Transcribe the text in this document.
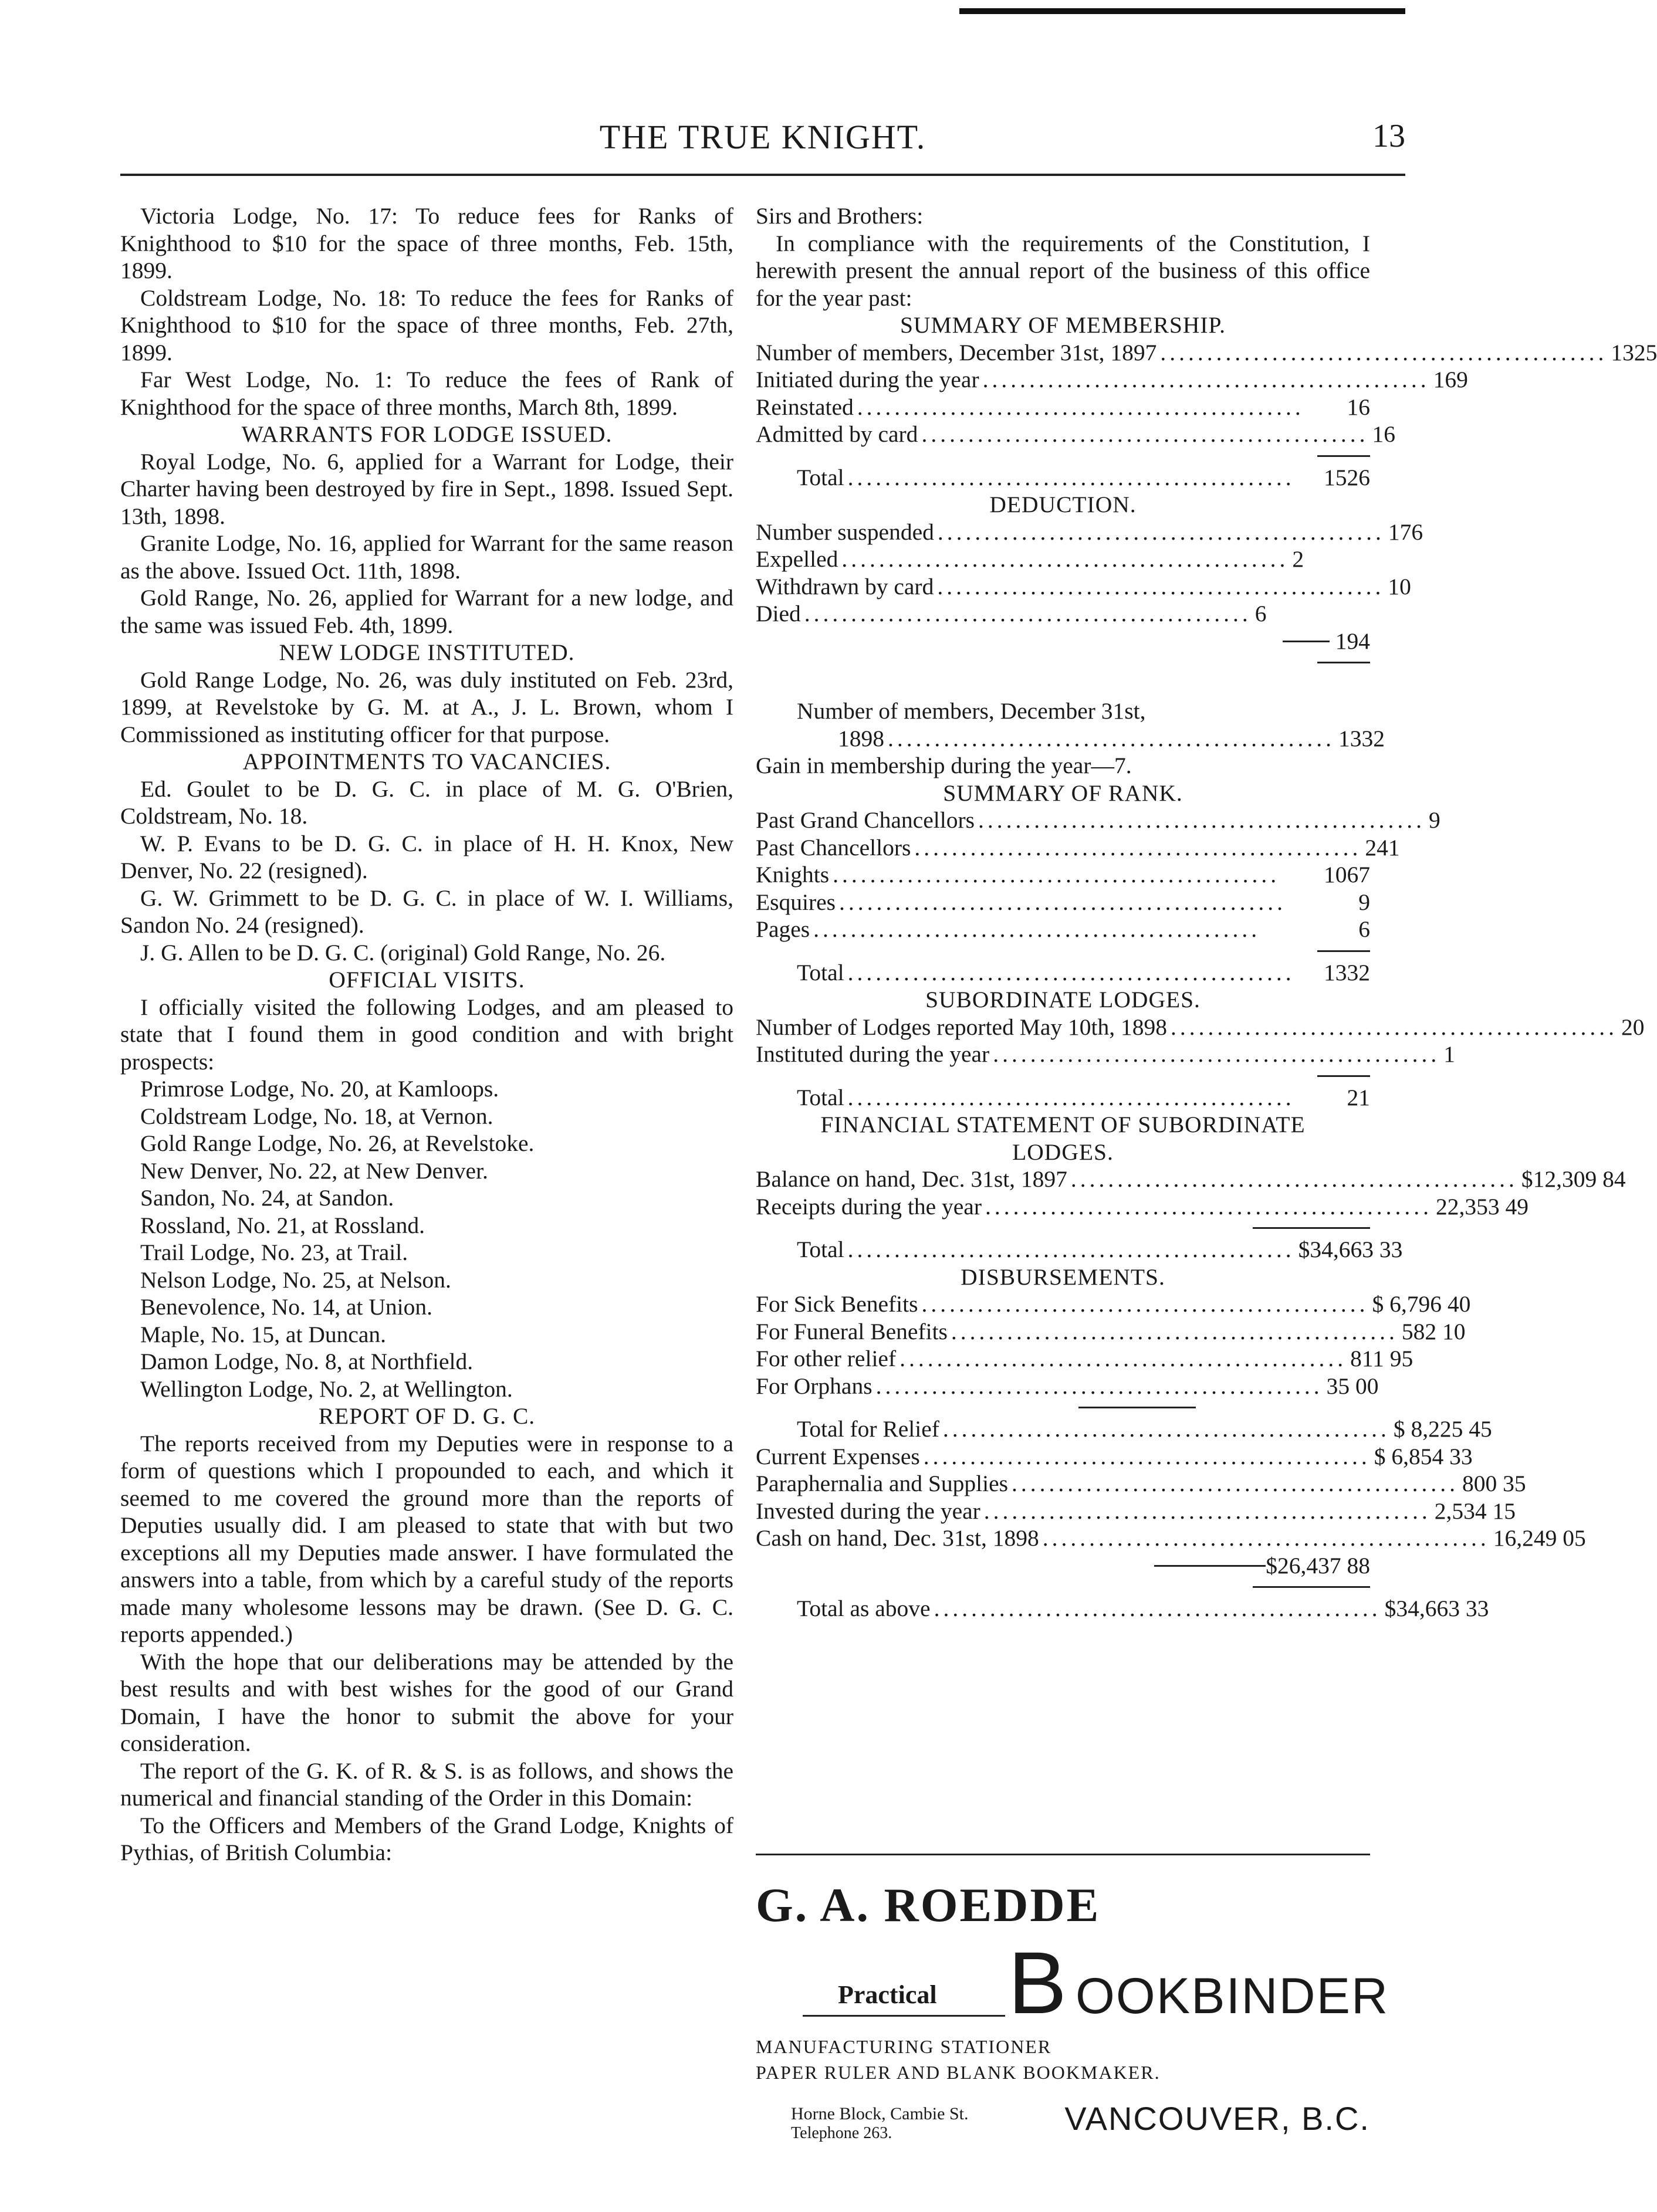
THE TRUE KNIGHT.	13

Victoria Lodge, No. 17: To reduce fees for Ranks of Knighthood to $10 for the space of three months, Feb. 15th, 1899.

Coldstream Lodge, No. 18: To reduce the fees for Ranks of Knighthood to $10 for the space of three months, Feb. 27th, 1899.

Far West Lodge, No. 1: To reduce the fees of Rank of Knighthood for the space of three months, March 8th, 1899.

WARRANTS FOR LODGE ISSUED.

Royal Lodge, No. 6, applied for a Warrant for Lodge, their Charter having been destroyed by fire in Sept., 1898. Issued Sept. 13th, 1898.

Granite Lodge, No. 16, applied for Warrant for the same reason as the above. Issued Oct. 11th, 1898.

Gold Range, No. 26, applied for Warrant for a new lodge, and the same was issued Feb. 4th, 1899.

NEW LODGE INSTITUTED.

Gold Range Lodge, No. 26, was duly instituted on Feb. 23rd, 1899, at Revelstoke by G. M. at A., J. L. Brown, whom I Commissioned as instituting officer for that purpose.

APPOINTMENTS TO VACANCIES.

Ed. Goulet to be D. G. C. in place of M. G. O'Brien, Coldstream, No. 18.

W. P. Evans to be D. G. C. in place of H. H. Knox, New Denver, No. 22 (resigned).

G. W. Grimmett to be D. G. C. in place of W. I. Williams, Sandon No. 24 (resigned).

J. G. Allen to be D. G. C. (original) Gold Range, No. 26.

OFFICIAL VISITS.

I officially visited the following Lodges, and am pleased to state that I found them in good condition and with bright prospects:

Primrose Lodge, No. 20, at Kamloops.
Coldstream Lodge, No. 18, at Vernon.
Gold Range Lodge, No. 26, at Revelstoke.
New Denver, No. 22, at New Denver.
Sandon, No. 24, at Sandon.
Rossland, No. 21, at Rossland.
Trail Lodge, No. 23, at Trail.
Nelson Lodge, No. 25, at Nelson.
Benevolence, No. 14, at Union.
Maple, No. 15, at Duncan.
Damon Lodge, No. 8, at Northfield.
Wellington Lodge, No. 2, at Wellington.

REPORT OF D. G. C.

The reports received from my Deputies were in response to a form of questions which I propounded to each, and which it seemed to me covered the ground more than the reports of Deputies usually did. I am pleased to state that with but two exceptions all my Deputies made answer. I have formulated the answers into a table, from which by a careful study of the reports made many wholesome lessons may be drawn. (See D. G. C. reports appended.)

With the hope that our deliberations may be attended by the best results and with best wishes for the good of our Grand Domain, I have the honor to submit the above for your consideration.

The report of the G. K. of R. & S. is as follows, and shows the numerical and financial standing of the Order in this Domain:

To the Officers and Members of the Grand Lodge, Knights of Pythias, of British Columbia:

Sirs and Brothers:

In compliance with the requirements of the Constitution, I herewith present the annual report of the business of this office for the year past:

SUMMARY OF MEMBERSHIP.

Number of members, December 31st, 1897 ................................................ 1325
Initiated during the year ................................................ 169
Reinstated ................................................	16
Admitted by card ................................................ 16
Total ................................................	1526

DEDUCTION.

Number suspended ................................................ 176
Expelled ................................................ 2
Withdrawn by card ................................................ 10
Died ................................................ 6
194
Number of members, December 31st,
1898 ................................................ 1332

Gain in membership during the year—7.

SUMMARY OF RANK.

Past Grand Chancellors ................................................ 9
Past Chancellors ................................................ 241
Knights ................................................	1067
Esquires ................................................	9
Pages ................................................	6
Total ................................................	1332

SUBORDINATE LODGES.

Number of Lodges reported May 10th, 1898 ................................................ 20
Instituted during the year ................................................ 1
Total ................................................	21

FINANCIAL STATEMENT OF SUBORDINATE LODGES.

Balance on hand, Dec. 31st, 1897 ................................................ $12,309 84
Receipts during the year ................................................ 22,353 49
Total ................................................ $34,663 33

DISBURSEMENTS.

For Sick Benefits ................................................ $ 6,796 40
For Funeral Benefits ................................................ 582 10
For other relief ................................................ 811 95
For Orphans ................................................ 35 00
Total for Relief ................................................ $ 8,225 45
Current Expenses ................................................ $ 6,854 33
Paraphernalia and Supplies ................................................ 800 35
Invested during the year ................................................ 2,534 15
Cash on hand, Dec. 31st, 1898 ................................................ 16,249 05
$26,437 88
Total as above ................................................ $34,663 33
G. A. ROEDDE
Practical B OOKBINDER

MANUFACTURING STATIONER

PAPER RULER AND BLANK BOOKMAKER.

Horne Block, Cambie St.
Telephone 263.	VANCOUVER, B.C.
